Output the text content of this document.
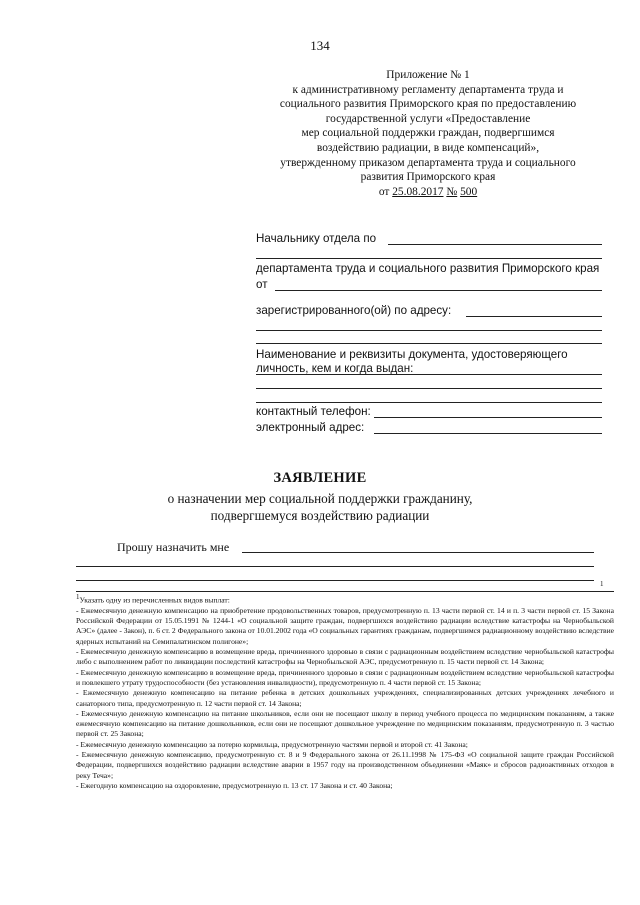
134
Приложение № 1
к административному регламенту департамента труда и
социального развития Приморского края по предоставлению
государственной услуги «Предоставление
мер социальной поддержки граждан, подвергшимся
воздействию радиации, в виде компенсаций»,
утвержденному приказом департамента труда и социального
развития Приморского края
от 25.08.2017 № 500
Начальнику отдела по
департамента труда и социального развития Приморского края
от
зарегистрированного(ой) по адресу:
Наименование и реквизиты документа, удостоверяющего
личность, кем и когда выдан:
контактный телефон:
электронный адрес:
ЗАЯВЛЕНИЕ
о назначении мер социальной поддержки гражданину,
подвергшемуся воздействию радиации
Прошу назначить мне
1

$^1$Указать одну из перечисленных видов выплат:

- Ежемесячную денежную компенсацию на приобретение продовольственных товаров, предусмотренную п. 13 части первой ст. 14 и п. 3 части первой ст. 15 Закона Российской Федерации от 15.05.1991 № 1244-1 «О социальной защите граждан, подвергшихся воздействию радиации вследствие катастрофы на Чернобыльской АЭС» (далее - Закон), п. 6 ст. 2 Федерального закона от 10.01.2002 года «О социальных гарантиях гражданам, подвергшимся радиационному воздействию вследствие ядерных испытаний на Семипалатинском полигоне»;

- Ежемесячную денежную компенсацию в возмещение вреда, причиненного здоровью в связи с радиационным воздействием вследствие чернобыльской катастрофы либо с выполнением работ по ликвидации последствий катастрофы на Чернобыльской АЭС, предусмотренную п. 15 части первой ст. 14 Закона;

- Ежемесячную денежную компенсацию в возмещение вреда, причиненного здоровью в связи с радиационным воздействием вследствие чернобыльской катастрофы и повлекшего утрату трудоспособности (без установления инвалидности), предусмотренную п. 4 части первой ст. 15 Закона;

- Ежемесячную денежную компенсацию на питание ребенка в детских дошкольных учреждениях, специализированных детских учреждениях лечебного и санаторного типа, предусмотренную п. 12 части первой ст. 14 Закона;

- Ежемесячную денежную компенсацию на питание школьников, если они не посещают школу в период учебного процесса по медицинским показаниям, а также ежемесячную компенсацию на питание дошкольников, если они не посещают дошкольное учреждение по медицинским показаниям, предусмотренную п. 3 частью первой ст. 25 Закона;

- Ежемесячную денежную компенсацию за потерю кормильца, предусмотренную частями первой и второй ст. 41 Закона;

- Ежемесячную денежную компенсацию, предусмотренную ст. 8 и 9 Федерального закона от 26.11.1998 № 175-ФЗ «О социальной защите граждан Российской Федерации, подвергшихся воздействию радиации вследствие аварии в 1957 году на производственном объединении «Маяк» и сбросов радиоактивных отходов в реку Теча»;

- Ежегодную компенсацию на оздоровление, предусмотренную п. 13 ст. 17 Закона и ст. 40 Закона;
